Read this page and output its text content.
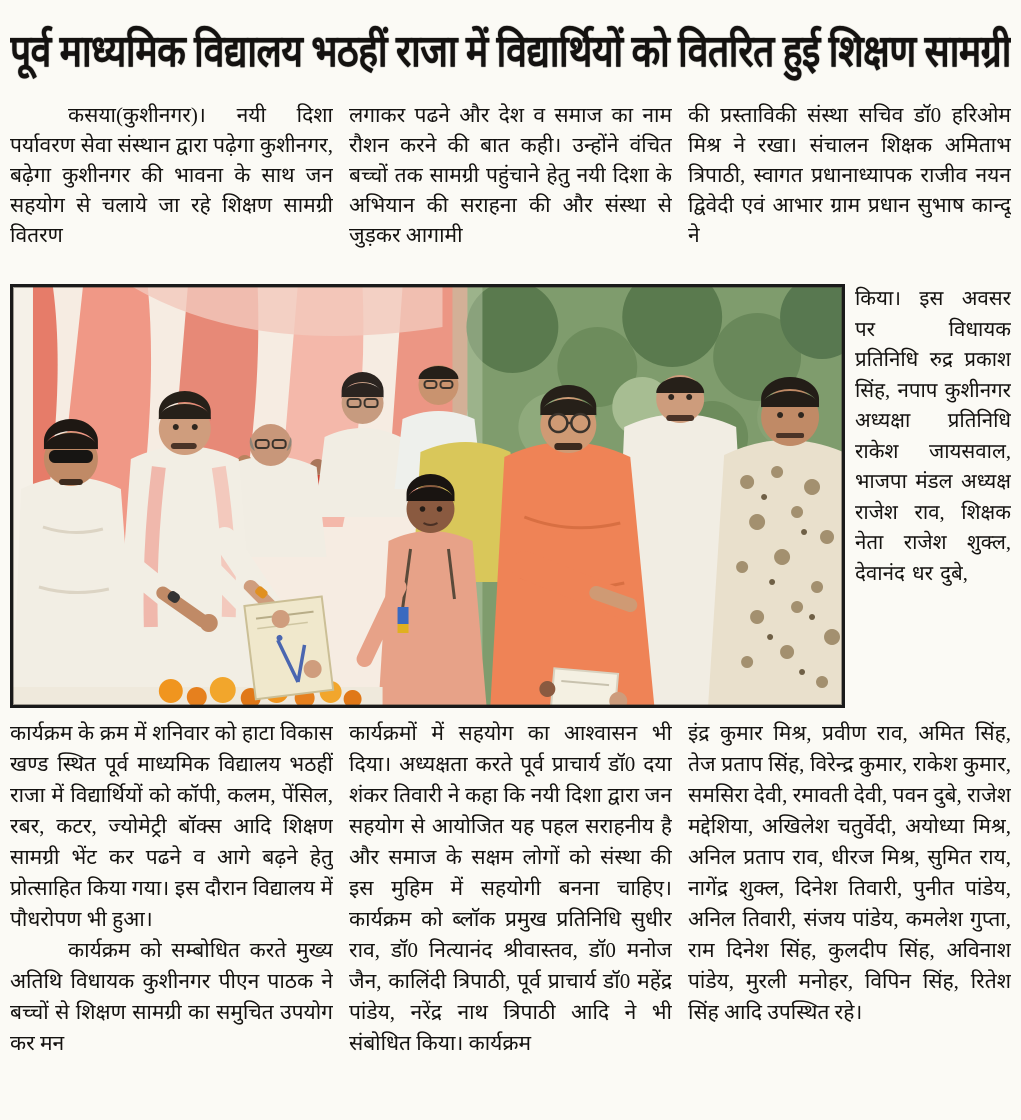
पूर्व माध्यमिक विद्यालय भठहीं राजा में विद्यार्थियों को वितरित हुई शिक्षण सामग्री

कसया(कुशीनगर)। नयी दिशा पर्यावरण सेवा संस्थान द्वारा पढ़ेगा कुशीनगर, बढ़ेगा कुशीनगर की भावना के साथ जन सहयोग से चलाये जा रहे शिक्षण सामग्री वितरण

लगाकर पढने और देश व समाज का नाम रौशन करने की बात कही। उन्होंने वंचित बच्चों तक सामग्री पहुंचाने हेतु नयी दिशा के अभियान की सराहना की और संस्था से जुड़कर आगामी

की प्रस्ताविकी संस्था सचिव डॉ0 हरिओम मिश्र ने रखा। संचालन शिक्षक अमिताभ त्रिपाठी, स्वागत प्रधानाध्यापक राजीव नयन द्विवेदी एवं आभार ग्राम प्रधान सुभाष कान्दू ने

किया। इस अवसर पर विधायक प्रतिनिधि रुद्र प्रकाश सिंह, नपाप कुशीनगर अध्यक्षा प्रतिनिधि राकेश जायसवाल, भाजपा मंडल अध्यक्ष राजेश राव, शिक्षक नेता राजेश शुक्ल, देवानंद धर दुबे,

कार्यक्रम के क्रम में शनिवार को हाटा विकास खण्ड स्थित पूर्व माध्यमिक विद्यालय भठहीं राजा में विद्यार्थियों को कॉपी, कलम, पेंसिल, रबर, कटर, ज्योमेट्री बॉक्स आदि शिक्षण सामग्री भेंट कर पढने व आगे बढ़ने हेतु प्रोत्साहित किया गया। इस दौरान विद्यालय में पौधरोपण भी हुआ।

कार्यक्रम को सम्बोधित करते मुख्य अतिथि विधायक कुशीनगर पीएन पाठक ने बच्चों से शिक्षण सामग्री का समुचित उपयोग कर मन

कार्यक्रमों में सहयोग का आश्वासन भी दिया। अध्यक्षता करते पूर्व प्राचार्य डॉ0 दया शंकर तिवारी ने कहा कि नयी दिशा द्वारा जन सहयोग से आयोजित यह पहल सराहनीय है और समाज के सक्षम लोगों को संस्था की इस मुहिम में सहयोगी बनना चाहिए। कार्यक्रम को ब्लॉक प्रमुख प्रतिनिधि सुधीर राव, डॉ0 नित्यानंद श्रीवास्तव, डॉ0 मनोज जैन, कालिंदी त्रिपाठी, पूर्व प्राचार्य डॉ0 महेंद्र पांडेय, नरेंद्र नाथ त्रिपाठी आदि ने भी संबोधित किया। कार्यक्रम

इंद्र कुमार मिश्र, प्रवीण राव, अमित सिंह, तेज प्रताप सिंह, विरेन्द्र कुमार, राकेश कुमार, समसिरा देवी, रमावती देवी, पवन दुबे, राजेश मद्देशिया, अखिलेश चतुर्वेदी, अयोध्या मिश्र, अनिल प्रताप राव, धीरज मिश्र, सुमित राय, नागेंद्र शुक्ल, दिनेश तिवारी, पुनीत पांडेय, अनिल तिवारी, संजय पांडेय, कमलेश गुप्ता, राम दिनेश सिंह, कुलदीप सिंह, अविनाश पांडेय, मुरली मनोहर, विपिन सिंह, रितेश सिंह आदि उपस्थित रहे।
